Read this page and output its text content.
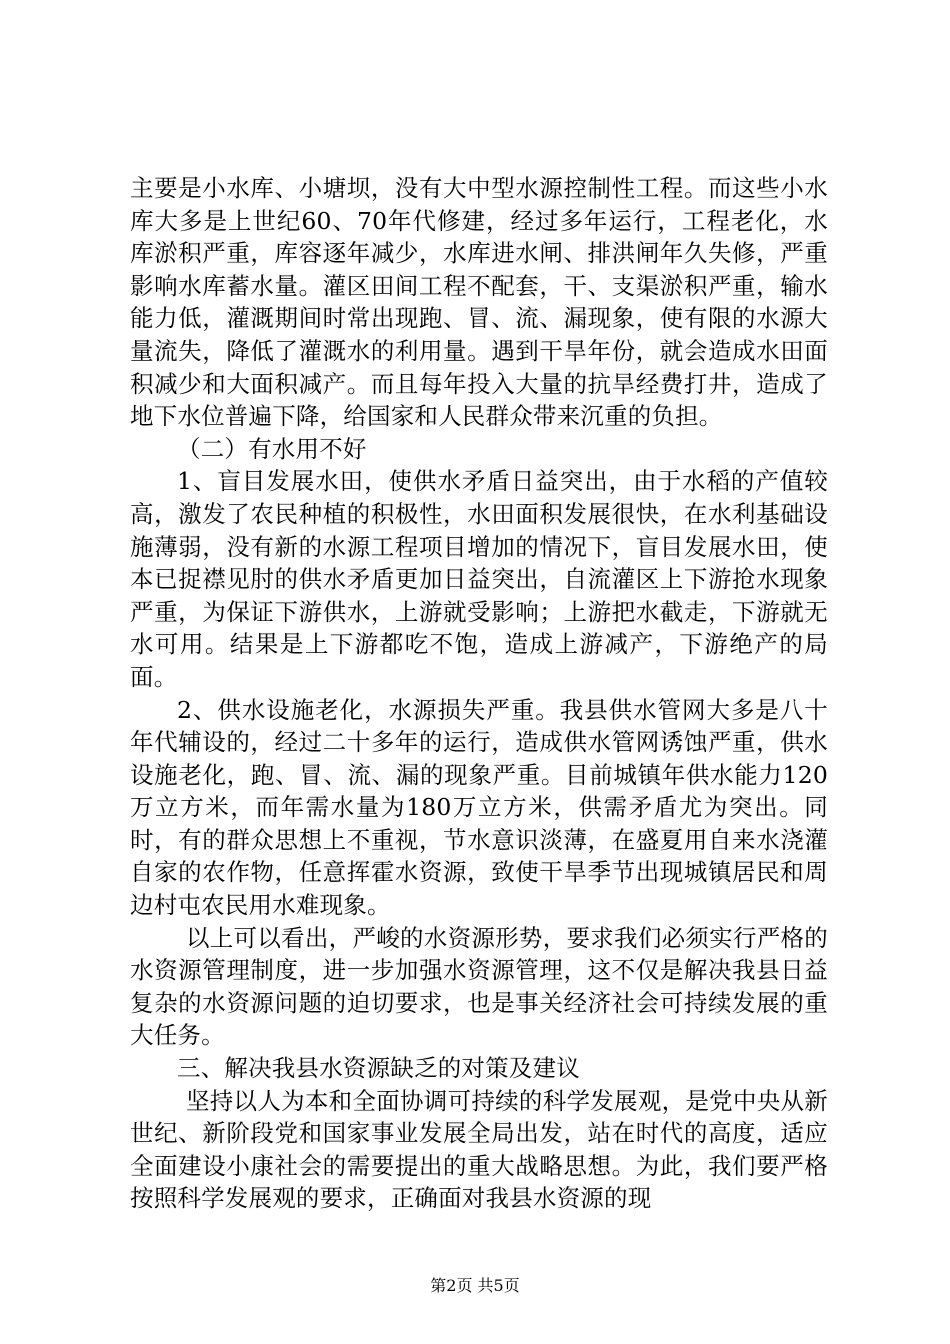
主要是小水库、小塘坝，没有大中型水源控制性工程。而这些小水库大多是上世纪60、70年代修建，经过多年运行，工程老化，水库淤积严重，库容逐年减少，水库进水闸、排洪闸年久失修，严重影响水库蓄水量。灌区田间工程不配套，干、支渠淤积严重，输水能力低，灌溉期间时常出现跑、冒、流、漏现象，使有限的水源大量流失，降低了灌溉水的利用量。遇到干旱年份，就会造成水田面积减少和大面积减产。而且每年投入大量的抗旱经费打井，造成了地下水位普遍下降，给国家和人民群众带来沉重的负担。

（二）有水用不好

1、盲目发展水田，使供水矛盾日益突出，由于水稻的产值较高，激发了农民种植的积极性，水田面积发展很快，在水利基础设施薄弱，没有新的水源工程项目增加的情况下，盲目发展水田，使本已捉襟见肘的供水矛盾更加日益突出，自流灌区上下游抢水现象严重，为保证下游供水，上游就受影响；上游把水截走，下游就无水可用。结果是上下游都吃不饱，造成上游减产，下游绝产的局面。

2、供水设施老化，水源损失严重。我县供水管网大多是八十年代辅设的，经过二十多年的运行，造成供水管网诱蚀严重，供水设施老化，跑、冒、流、漏的现象严重。目前城镇年供水能力120万立方米，而年需水量为180万立方米，供需矛盾尤为突出。同时，有的群众思想上不重视，节水意识淡薄，在盛夏用自来水浇灌自家的农作物，任意挥霍水资源，致使干旱季节出现城镇居民和周边村屯农民用水难现象。

以上可以看出，严峻的水资源形势，要求我们必须实行严格的水资源管理制度，进一步加强水资源管理，这不仅是解决我县日益复杂的水资源问题的迫切要求，也是事关经济社会可持续发展的重大任务。

三、解决我县水资源缺乏的对策及建议

坚持以人为本和全面协调可持续的科学发展观，是党中央从新世纪、新阶段党和国家事业发展全局出发，站在时代的高度，适应全面建设小康社会的需要提出的重大战略思想。为此，我们要严格按照科学发展观的要求，正确面对我县水资源的现

第2页 共5页
